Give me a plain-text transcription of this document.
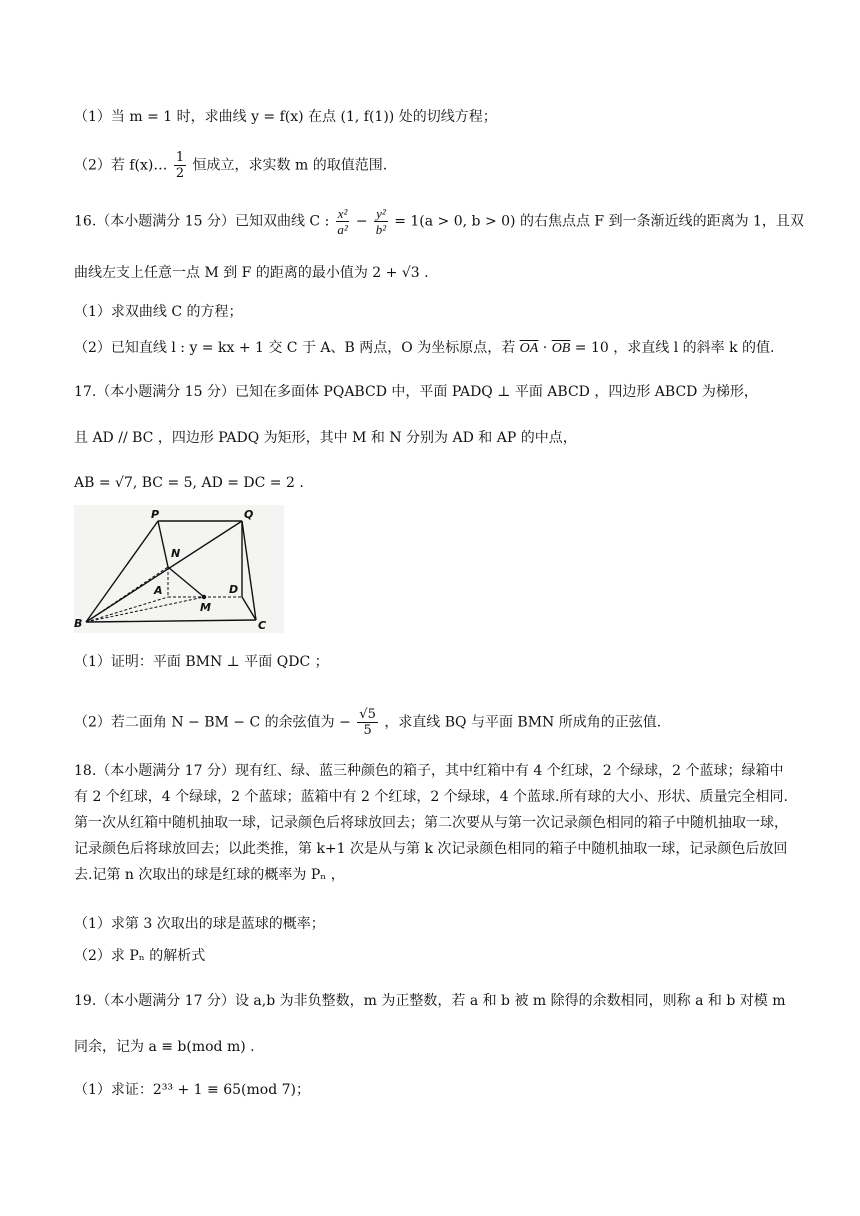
（1）当 m = 1 时，求曲线 y = f(x) 在点 (1, f(1)) 处的切线方程；
（2）若 f(x)… $\frac{1}{2}$ 恒成立，求实数 m 的取值范围.
16.（本小题满分 15 分）已知双曲线 C : $\frac{\text{x²}}{\text{a²}} - \frac{\text{y²}}{\text{b²}} = 1(a > 0$, b > 0) 的右焦点点 F 到一条渐近线的距离为 1，且双
曲线左支上任意一点 M 到 F 的距离的最小值为 2 + √3 .
（1）求双曲线 C 的方程；
（2）已知直线 l : y = kx + 1 交 C 于 A、B 两点，O 为坐标原点，若 $\overline{OA} \cdot \overline{OB} = 10$ ，求直线 l 的斜率 k 的值.
17.（本小题满分 15 分）已知在多面体 PQABCD 中，平面 PADQ ⊥ 平面 ABCD ，四边形 ABCD 为梯形，
且 AD // BC ，四边形 PADQ 为矩形，其中 M 和 N 分别为 AD 和 AP 的中点，
AB = √7, BC = 5, AD = DC = 2 .
P	Q
N
A	D
M
B	C
（1）证明：平面 BMN ⊥ 平面 QDC ；
（2）若二面角 N − BM − C 的余弦值为 − $\frac{√5}{5}$ ，求直线 BQ 与平面 BMN 所成角的正弦值.
18.（本小题满分 17 分）现有红、绿、蓝三种颜色的箱子，其中红箱中有 4 个红球，2 个绿球，2 个蓝球；绿箱中有 2 个红球，4 个绿球，2 个蓝球；蓝箱中有 2 个红球，2 个绿球，4 个蓝球.所有球的大小、形状、质量完全相同.第一次从红箱中随机抽取一球，记录颜色后将球放回去；第二次要从与第一次记录颜色相同的箱子中随机抽取一球，记录颜色后将球放回去；以此类推，第 k+1 次是从与第 k 次记录颜色相同的箱子中随机抽取一球，记录颜色后放回去.记第 n 次取出的球是红球的概率为 Pₙ ，
（1）求第 3 次取出的球是蓝球的概率；
（2）求 Pₙ 的解析式
19.（本小题满分 17 分）设 a,b 为非负整数，m 为正整数，若 a 和 b 被 m 除得的余数相同，则称 a 和 b 对模 m
同余，记为 a ≡ b(mod m) .
（1）求证：2³³ + 1 ≡ 65(mod 7)；
